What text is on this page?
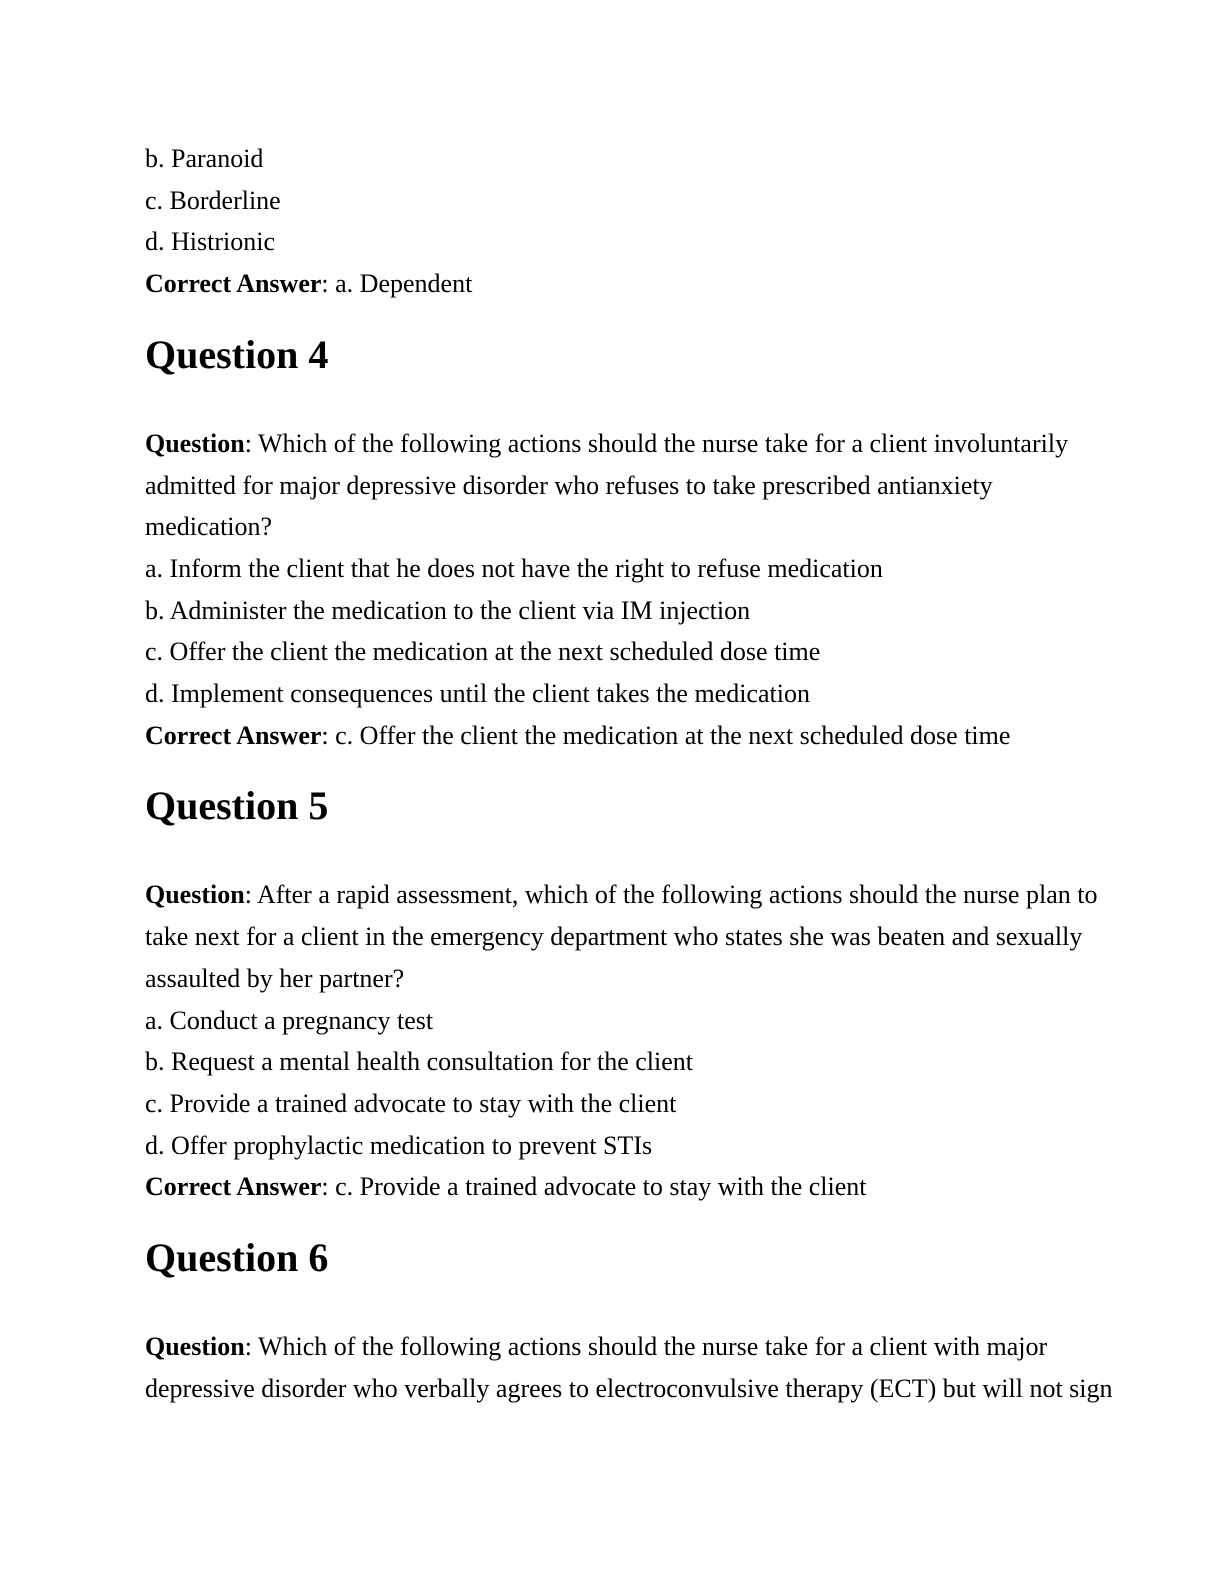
b. Paranoid

c. Borderline

d. Histrionic

Correct Answer: a. Dependent

Question 4

Question: Which of the following actions should the nurse take for a client involuntarily admitted for major depressive disorder who refuses to take prescribed antianxiety medication?

a. Inform the client that he does not have the right to refuse medication

b. Administer the medication to the client via IM injection

c. Offer the client the medication at the next scheduled dose time

d. Implement consequences until the client takes the medication

Correct Answer: c. Offer the client the medication at the next scheduled dose time

Question 5

Question: After a rapid assessment, which of the following actions should the nurse plan to take next for a client in the emergency department who states she was beaten and sexually assaulted by her partner?

a. Conduct a pregnancy test

b. Request a mental health consultation for the client

c. Provide a trained advocate to stay with the client

d. Offer prophylactic medication to prevent STIs

Correct Answer: c. Provide a trained advocate to stay with the client

Question 6

Question: Which of the following actions should the nurse take for a client with major depressive disorder who verbally agrees to electroconvulsive therapy (ECT) but will not sign
